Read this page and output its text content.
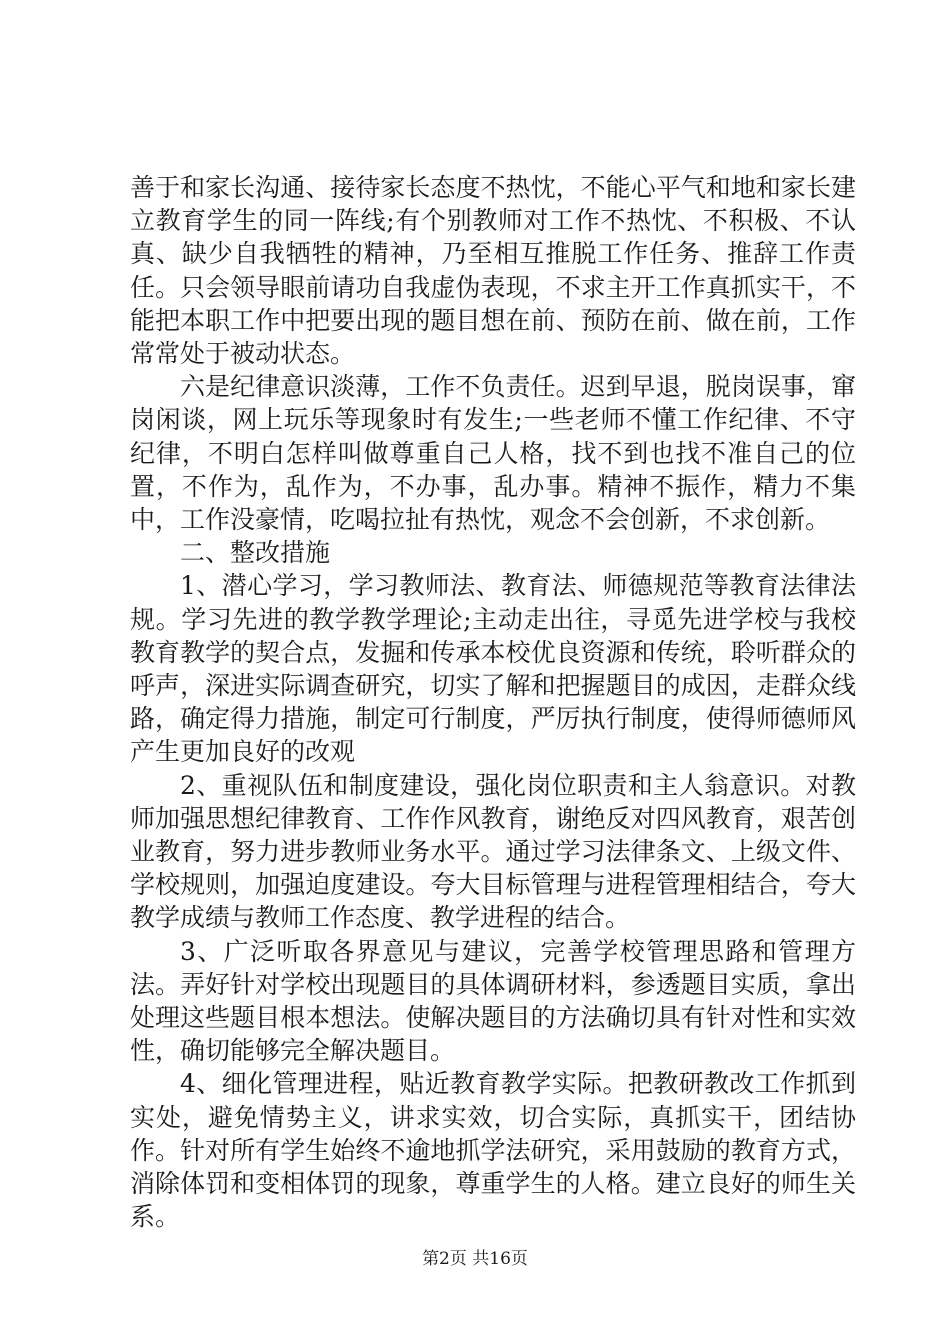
善于和家长沟通、接待家长态度不热忱，不能心平气和地和家长建立教育学生的同一阵线;有个别教师对工作不热忱、不积极、不认真、缺少自我牺牲的精神，乃至相互推脱工作任务、推辞工作责任。只会领导眼前请功自我虚伪表现，不求主开工作真抓实干，不能把本职工作中把要出现的题目想在前、预防在前、做在前，工作常常处于被动状态。

六是纪律意识淡薄，工作不负责任。迟到早退，脱岗误事，窜岗闲谈，网上玩乐等现象时有发生;一些老师不懂工作纪律、不守纪律，不明白怎样叫做尊重自己人格，找不到也找不准自己的位置，不作为，乱作为，不办事，乱办事。精神不振作，精力不集中，工作没豪情，吃喝拉扯有热忱，观念不会创新，不求创新。

二、整改措施

1、潜心学习，学习教师法、教育法、师德规范等教育法律法规。学习先进的教学教学理论;主动走出往，寻觅先进学校与我校教育教学的契合点，发掘和传承本校优良资源和传统，聆听群众的呼声，深进实际调查研究，切实了解和把握题目的成因，走群众线路，确定得力措施，制定可行制度，严厉执行制度，使得师德师风产生更加良好的改观

2、重视队伍和制度建设，强化岗位职责和主人翁意识。对教师加强思想纪律教育、工作作风教育，谢绝反对四风教育，艰苦创业教育，努力进步教师业务水平。通过学习法律条文、上级文件、学校规则，加强迫度建设。夸大目标管理与进程管理相结合，夸大教学成绩与教师工作态度、教学进程的结合。

3、广泛听取各界意见与建议，完善学校管理思路和管理方法。弄好针对学校出现题目的具体调研材料，参透题目实质，拿出处理这些题目根本想法。使解决题目的方法确切具有针对性和实效性，确切能够完全解决题目。

4、细化管理进程，贴近教育教学实际。把教研教改工作抓到实处，避免情势主义，讲求实效，切合实际，真抓实干，团结协作。针对所有学生始终不逾地抓学法研究，采用鼓励的教育方式，消除体罚和变相体罚的现象，尊重学生的人格。建立良好的师生关系。

第2页 共16页
